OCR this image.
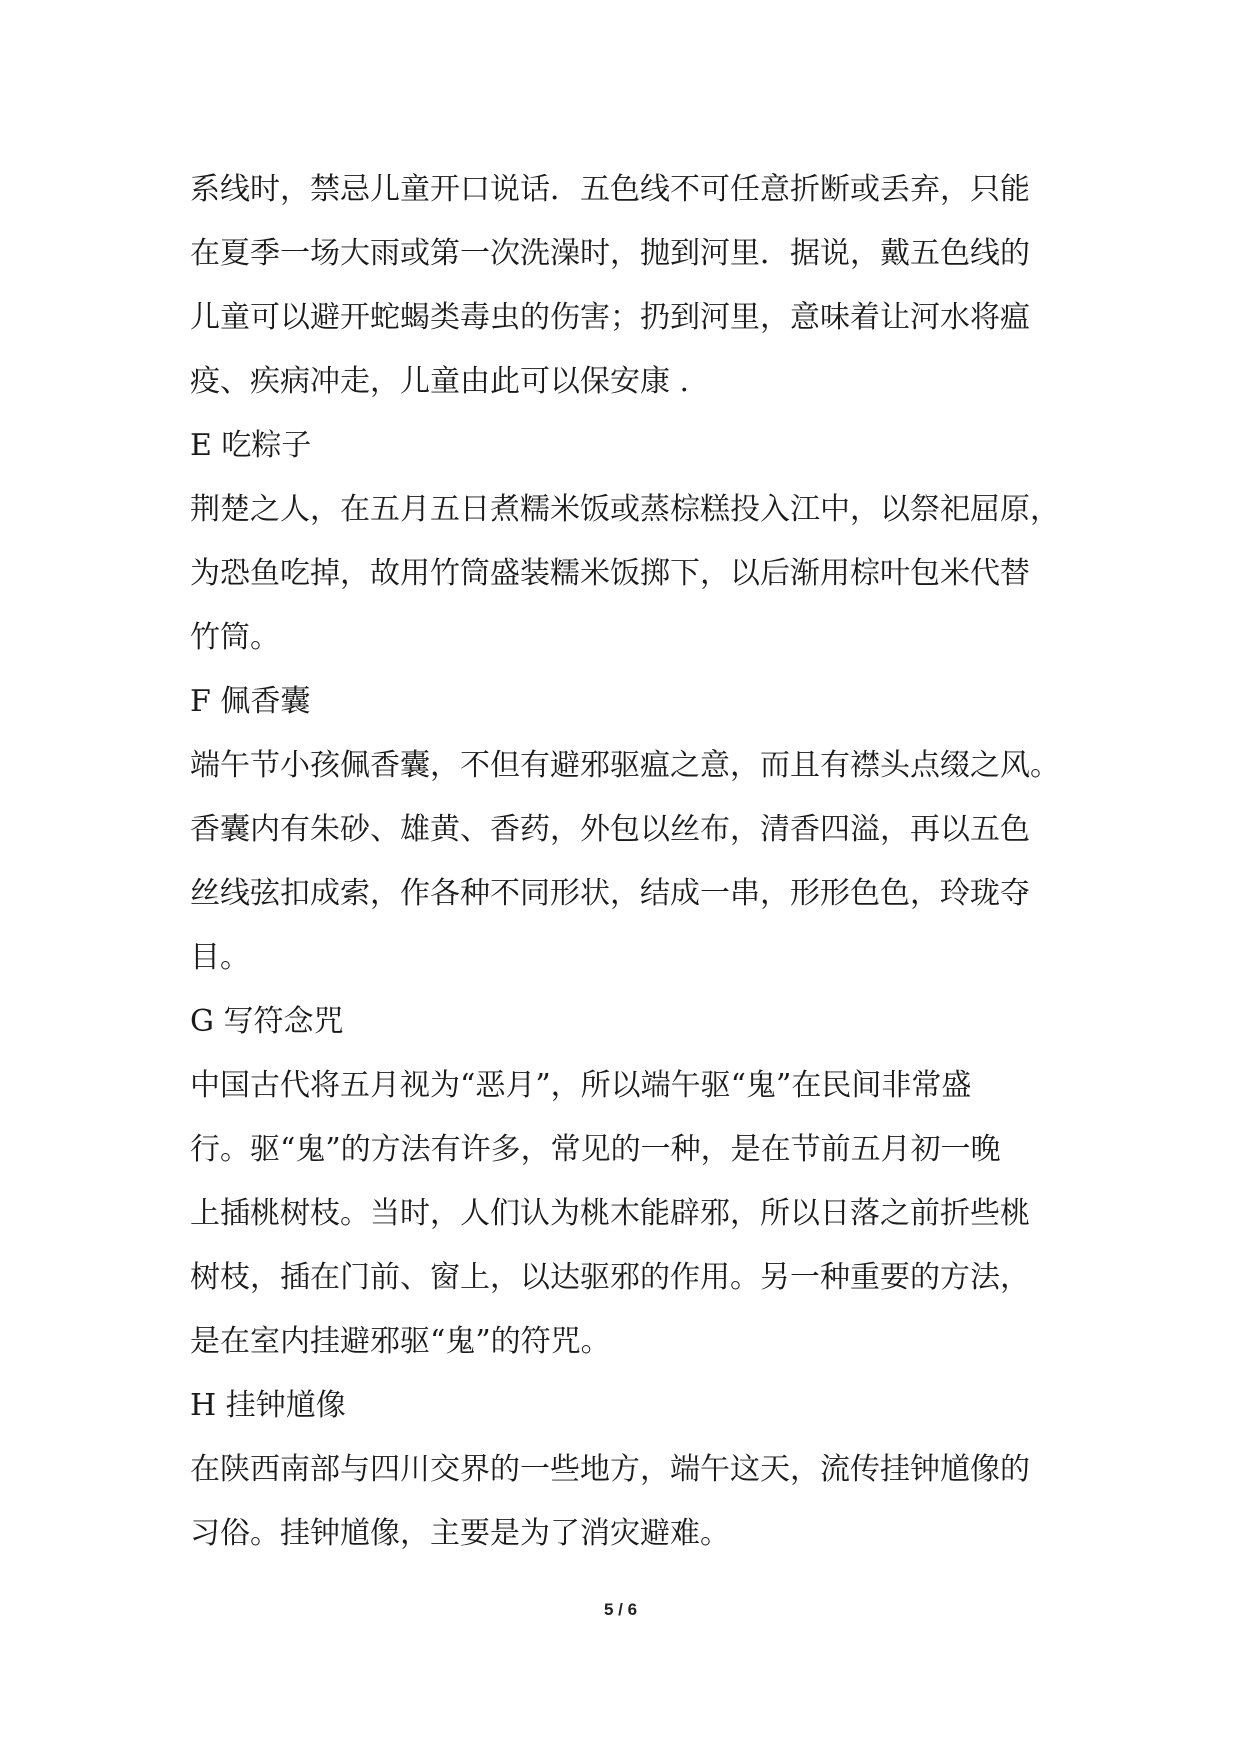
系线时，禁忌儿童开口说话．五色线不可任意折断或丢弃，只能
在夏季一场大雨或第一次洗澡时，抛到河里．据说，戴五色线的
儿童可以避开蛇蝎类毒虫的伤害；扔到河里，意味着让河水将瘟
疫、疾病冲走，儿童由此可以保安康 .
E 吃粽子
荆楚之人，在五月五日煮糯米饭或蒸棕糕投入江中，以祭祀屈原，
为恐鱼吃掉，故用竹筒盛装糯米饭掷下，以后渐用棕叶包米代替
竹筒。
F 佩香囊
端午节小孩佩香囊，不但有避邪驱瘟之意，而且有襟头点缀之风。
香囊内有朱砂、雄黄、香药，外包以丝布，清香四溢，再以五色
丝线弦扣成索，作各种不同形状，结成一串，形形色色，玲珑夺
目。
G 写符念咒
中国古代将五月视为“恶月”，所以端午驱“鬼”在民间非常盛
行。驱“鬼”的方法有许多，常见的一种，是在节前五月初一晚
上插桃树枝。当时，人们认为桃木能辟邪，所以日落之前折些桃
树枝，插在门前、窗上，以达驱邪的作用。另一种重要的方法，
是在室内挂避邪驱“鬼”的符咒。
H 挂钟馗像
在陕西南部与四川交界的一些地方，端午这天，流传挂钟馗像的
习俗。挂钟馗像，主要是为了消灾避难。
5 / 6
